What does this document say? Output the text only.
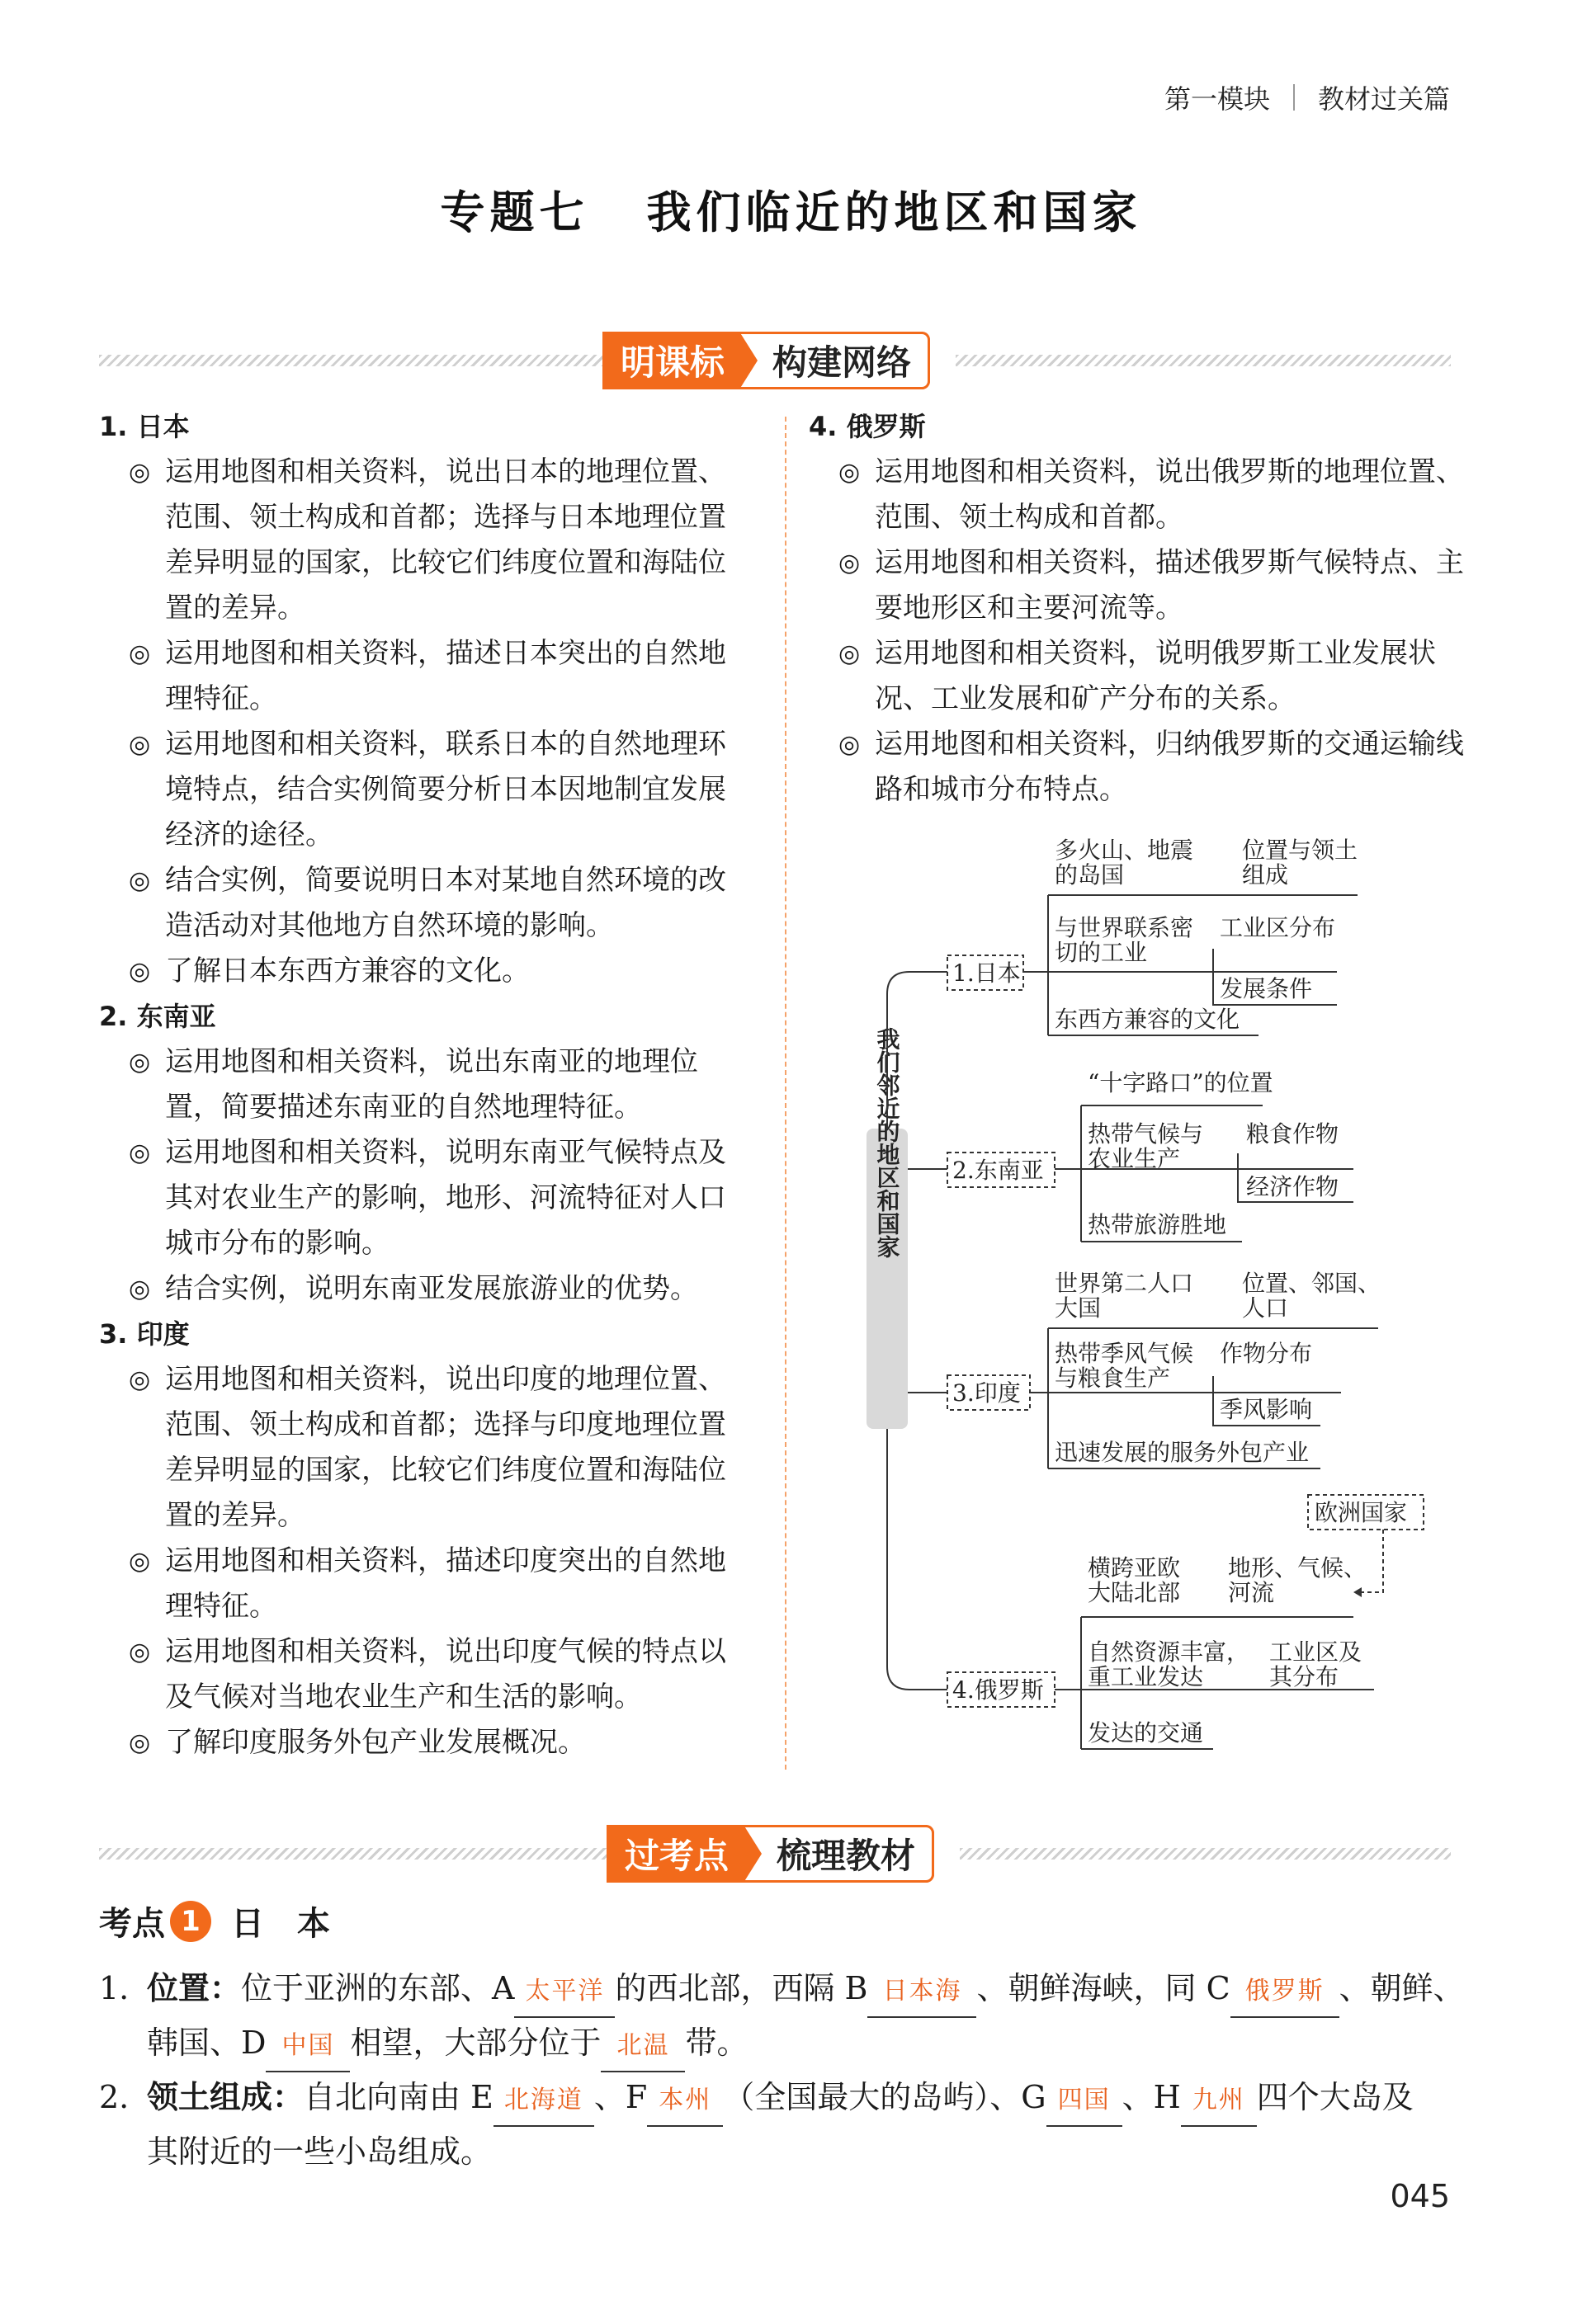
第一模块 教材过关篇
专题七 我们临近的地区和国家
明课标	构建网络
1. 日本
◎ 运用地图和相关资料，说出日本的地理位置、范围、领土构成和首都；选择与日本地理位置差异明显的国家，比较它们纬度位置和海陆位置的差异。
◎ 运用地图和相关资料，描述日本突出的自然地理特征。
◎ 运用地图和相关资料，联系日本的自然地理环境特点，结合实例简要分析日本因地制宜发展经济的途径。
◎ 结合实例，简要说明日本对某地自然环境的改造活动对其他地方自然环境的影响。
◎ 了解日本东西方兼容的文化。
2. 东南亚
◎ 运用地图和相关资料，说出东南亚的地理位置，简要描述东南亚的自然地理特征。
◎ 运用地图和相关资料，说明东南亚气候特点及其对农业生产的影响，地形、河流特征对人口城市分布的影响。
◎ 结合实例，说明东南亚发展旅游业的优势。
3. 印度
◎ 运用地图和相关资料，说出印度的地理位置、范围、领土构成和首都；选择与印度地理位置差异明显的国家，比较它们纬度位置和海陆位置的差异。
◎ 运用地图和相关资料，描述印度突出的自然地理特征。
◎ 运用地图和相关资料，说出印度气候的特点以及气候对当地农业生产和生活的影响。
◎ 了解印度服务外包产业发展概况。
4. 俄罗斯
◎ 运用地图和相关资料，说出俄罗斯的地理位置、范围、领土构成和首都。
◎ 运用地图和相关资料，描述俄罗斯气候特点、主要地形区和主要河流等。
◎ 运用地图和相关资料，说明俄罗斯工业发展状况、工业发展和矿产分布的关系。
◎ 运用地图和相关资料，归纳俄罗斯的交通运输线路和城市分布特点。
我们邻近的地区和国家
1.日本
多火山、地震
的岛国
位置与领土
组成
与世界联系密
切的工业
工业区分布
发展条件
东西方兼容的文化
2.东南亚
“十字路口”的位置
热带气候与
农业生产
粮食作物
经济作物
热带旅游胜地
3.印度
世界第二人口
大国
位置、邻国、
人口
热带季风气候
与粮食生产
作物分布
季风影响
迅速发展的服务外包产业
4.俄罗斯
欧洲国家
横跨亚欧
大陆北部
地形、气候、
河流
自然资源丰富，
重工业发达
工业区及
其分布
发达的交通
过考点	梳理教材
考点 1 日　本
1. 位置：位于亚洲的东部、A 太平洋 的西北部，西隔 B 日本海 、朝鲜海峡，同 C 俄罗斯 、朝鲜、
韩国、D 中国 相望，大部分位于 北温 带。
2. 领土组成：自北向南由 E 北海道 、F 本州 （全国最大的岛屿）、G 四国 、H 九州 四个大岛及
其附近的一些小岛组成。
045
